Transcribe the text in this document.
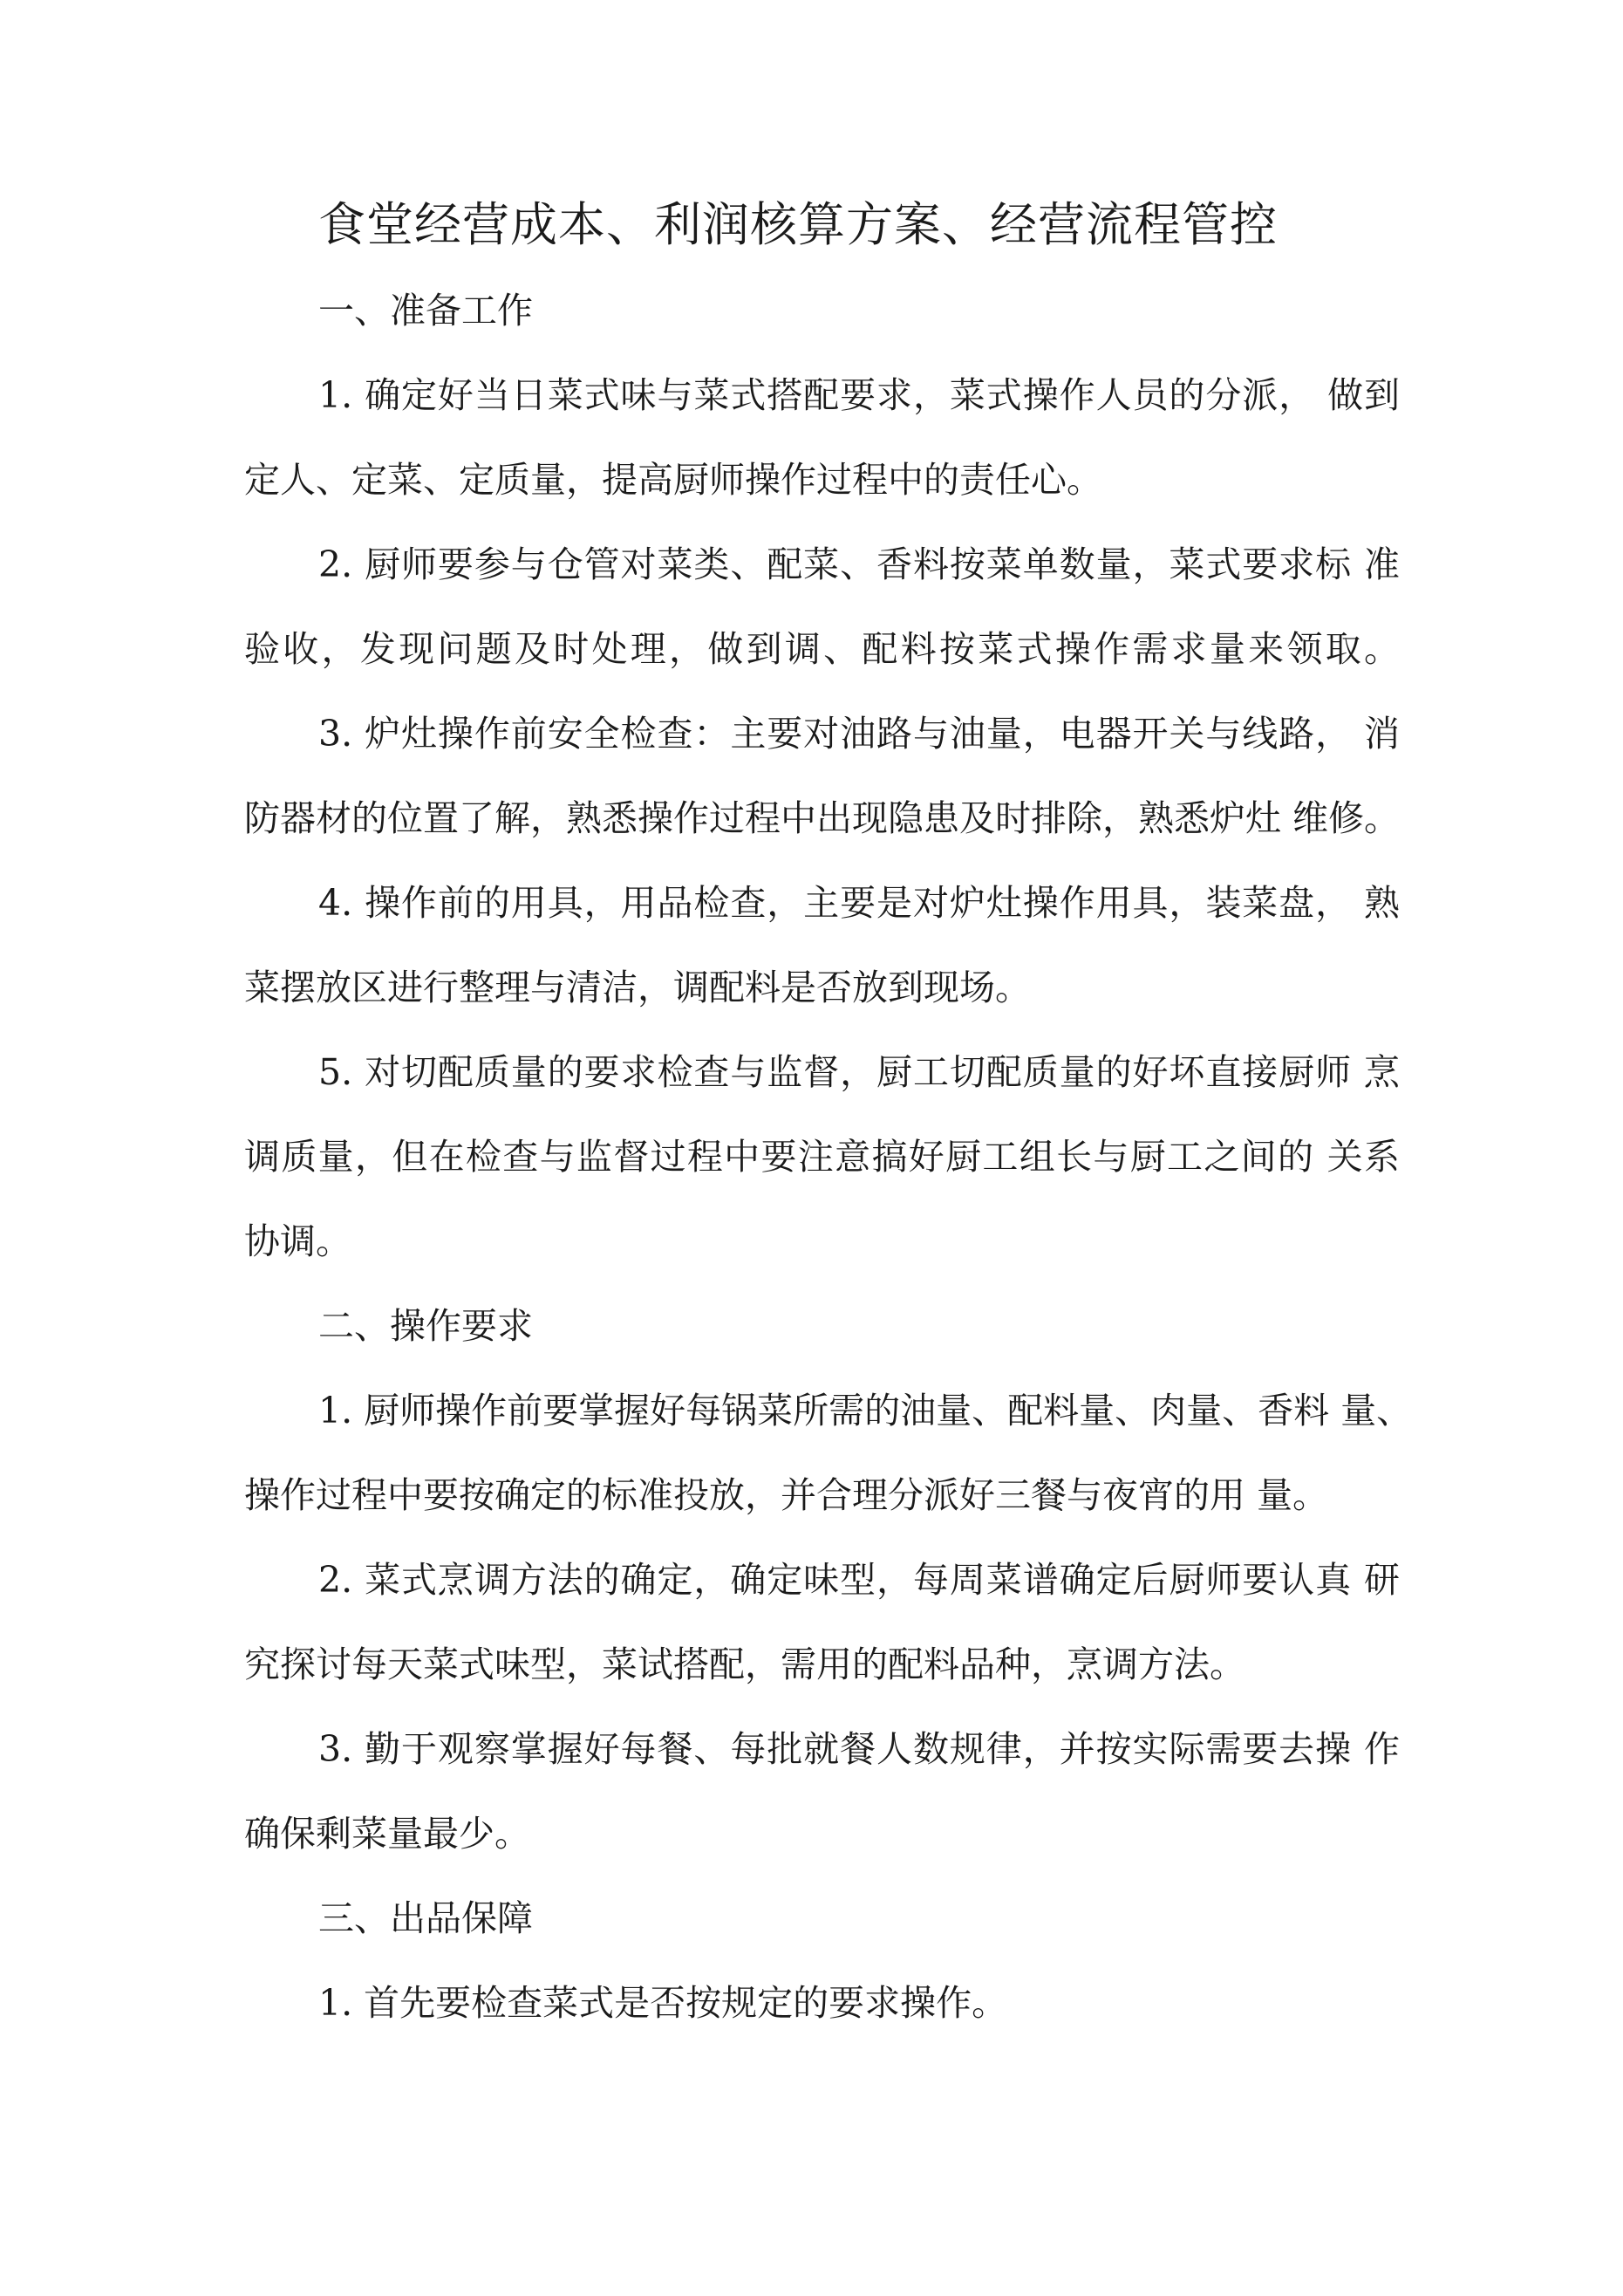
食堂经营成本、利润核算方案、经营流程管控
一、准备工作
1. 确定好当日菜式味与菜式搭配要求，菜式操作人员的分派， 做到
定人、定菜、定质量，提高厨师操作过程中的责任心。
2. 厨师要参与仓管对菜类、配菜、香料按菜单数量，菜式要求标 准
验收，发现问题及时处理，做到调、配料按菜式操作需求量来领取。
3. 炉灶操作前安全检查：主要对油路与油量，电器开关与线路， 消
防器材的位置了解，熟悉操作过程中出现隐患及时排除，熟悉炉灶 维修。
4. 操作前的用具，用品检查，主要是对炉灶操作用具，装菜盘， 熟
菜摆放区进行整理与清洁，调配料是否放到现场。
5. 对切配质量的要求检查与监督，厨工切配质量的好坏直接厨师 烹
调质量，但在检查与监督过程中要注意搞好厨工组长与厨工之间的 关系
协调。
二、操作要求
1. 厨师操作前要掌握好每锅菜所需的油量、配料量、肉量、香料 量、
操作过程中要按确定的标准投放，并合理分派好三餐与夜宵的用 量。
2. 菜式烹调方法的确定，确定味型，每周菜谱确定后厨师要认真 研
究探讨每天菜式味型，菜试搭配，需用的配料品种，烹调方法。
3. 勤于观察掌握好每餐、每批就餐人数规律，并按实际需要去操 作
确保剩菜量最少。
三、出品保障
1. 首先要检查菜式是否按规定的要求操作。
